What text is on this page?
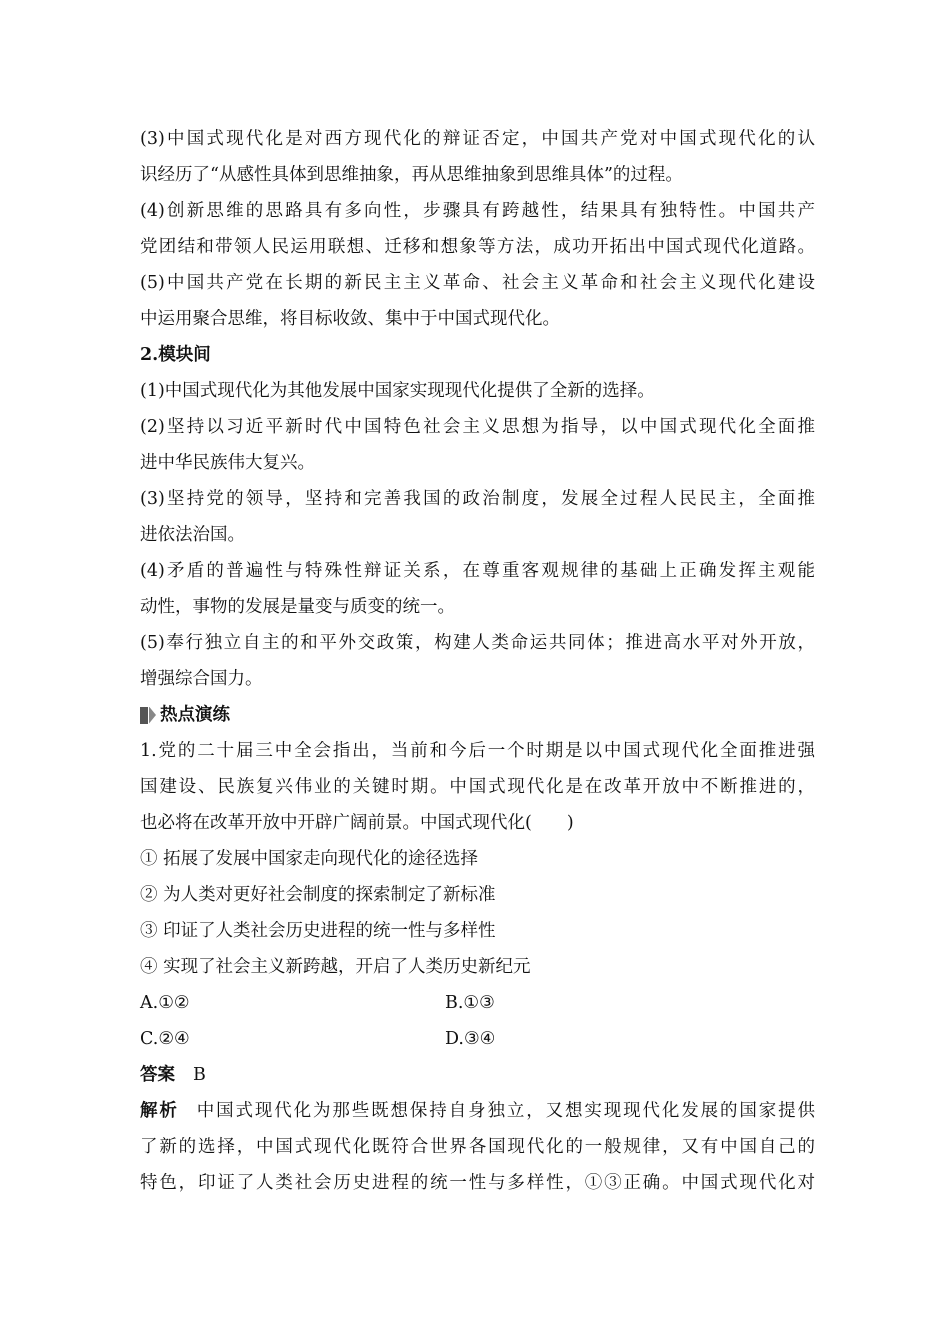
(3)中国式现代化是对西方现代化的辩证否定，中国共产党对中国式现代化的认
识经历了“从感性具体到思维抽象，再从思维抽象到思维具体”的过程。
(4)创新思维的思路具有多向性，步骤具有跨越性，结果具有独特性。中国共产
党团结和带领人民运用联想、迁移和想象等方法，成功开拓出中国式现代化道路。
(5)中国共产党在长期的新民主主义革命、社会主义革命和社会主义现代化建设
中运用聚合思维，将目标收敛、集中于中国式现代化。
2.模块间
(1)中国式现代化为其他发展中国家实现现代化提供了全新的选择。
(2)坚持以习近平新时代中国特色社会主义思想为指导，以中国式现代化全面推
进中华民族伟大复兴。
(3)坚持党的领导，坚持和完善我国的政治制度，发展全过程人民民主，全面推
进依法治国。
(4)矛盾的普遍性与特殊性辩证关系，在尊重客观规律的基础上正确发挥主观能
动性，事物的发展是量变与质变的统一。
(5)奉行独立自主的和平外交政策，构建人类命运共同体；推进高水平对外开放，
增强综合国力。
热点演练
1.党的二十届三中全会指出，当前和今后一个时期是以中国式现代化全面推进强
国建设、民族复兴伟业的关键时期。中国式现代化是在改革开放中不断推进的，
也必将在改革开放中开辟广阔前景。中国式现代化(　　)
① 拓展了发展中国家走向现代化的途径选择
② 为人类对更好社会制度的探索制定了新标准
③ 印证了人类社会历史进程的统一性与多样性
④ 实现了社会主义新跨越，开启了人类历史新纪元
A.①②	B.①③
C.②④	D.③④
答案 B
解析 中国式现代化为那些既想保持自身独立，又想实现现代化发展的国家提供
了新的选择，中国式现代化既符合世界各国现代化的一般规律，又有中国自己的
特色，印证了人类社会历史进程的统一性与多样性，①③正确。中国式现代化对
